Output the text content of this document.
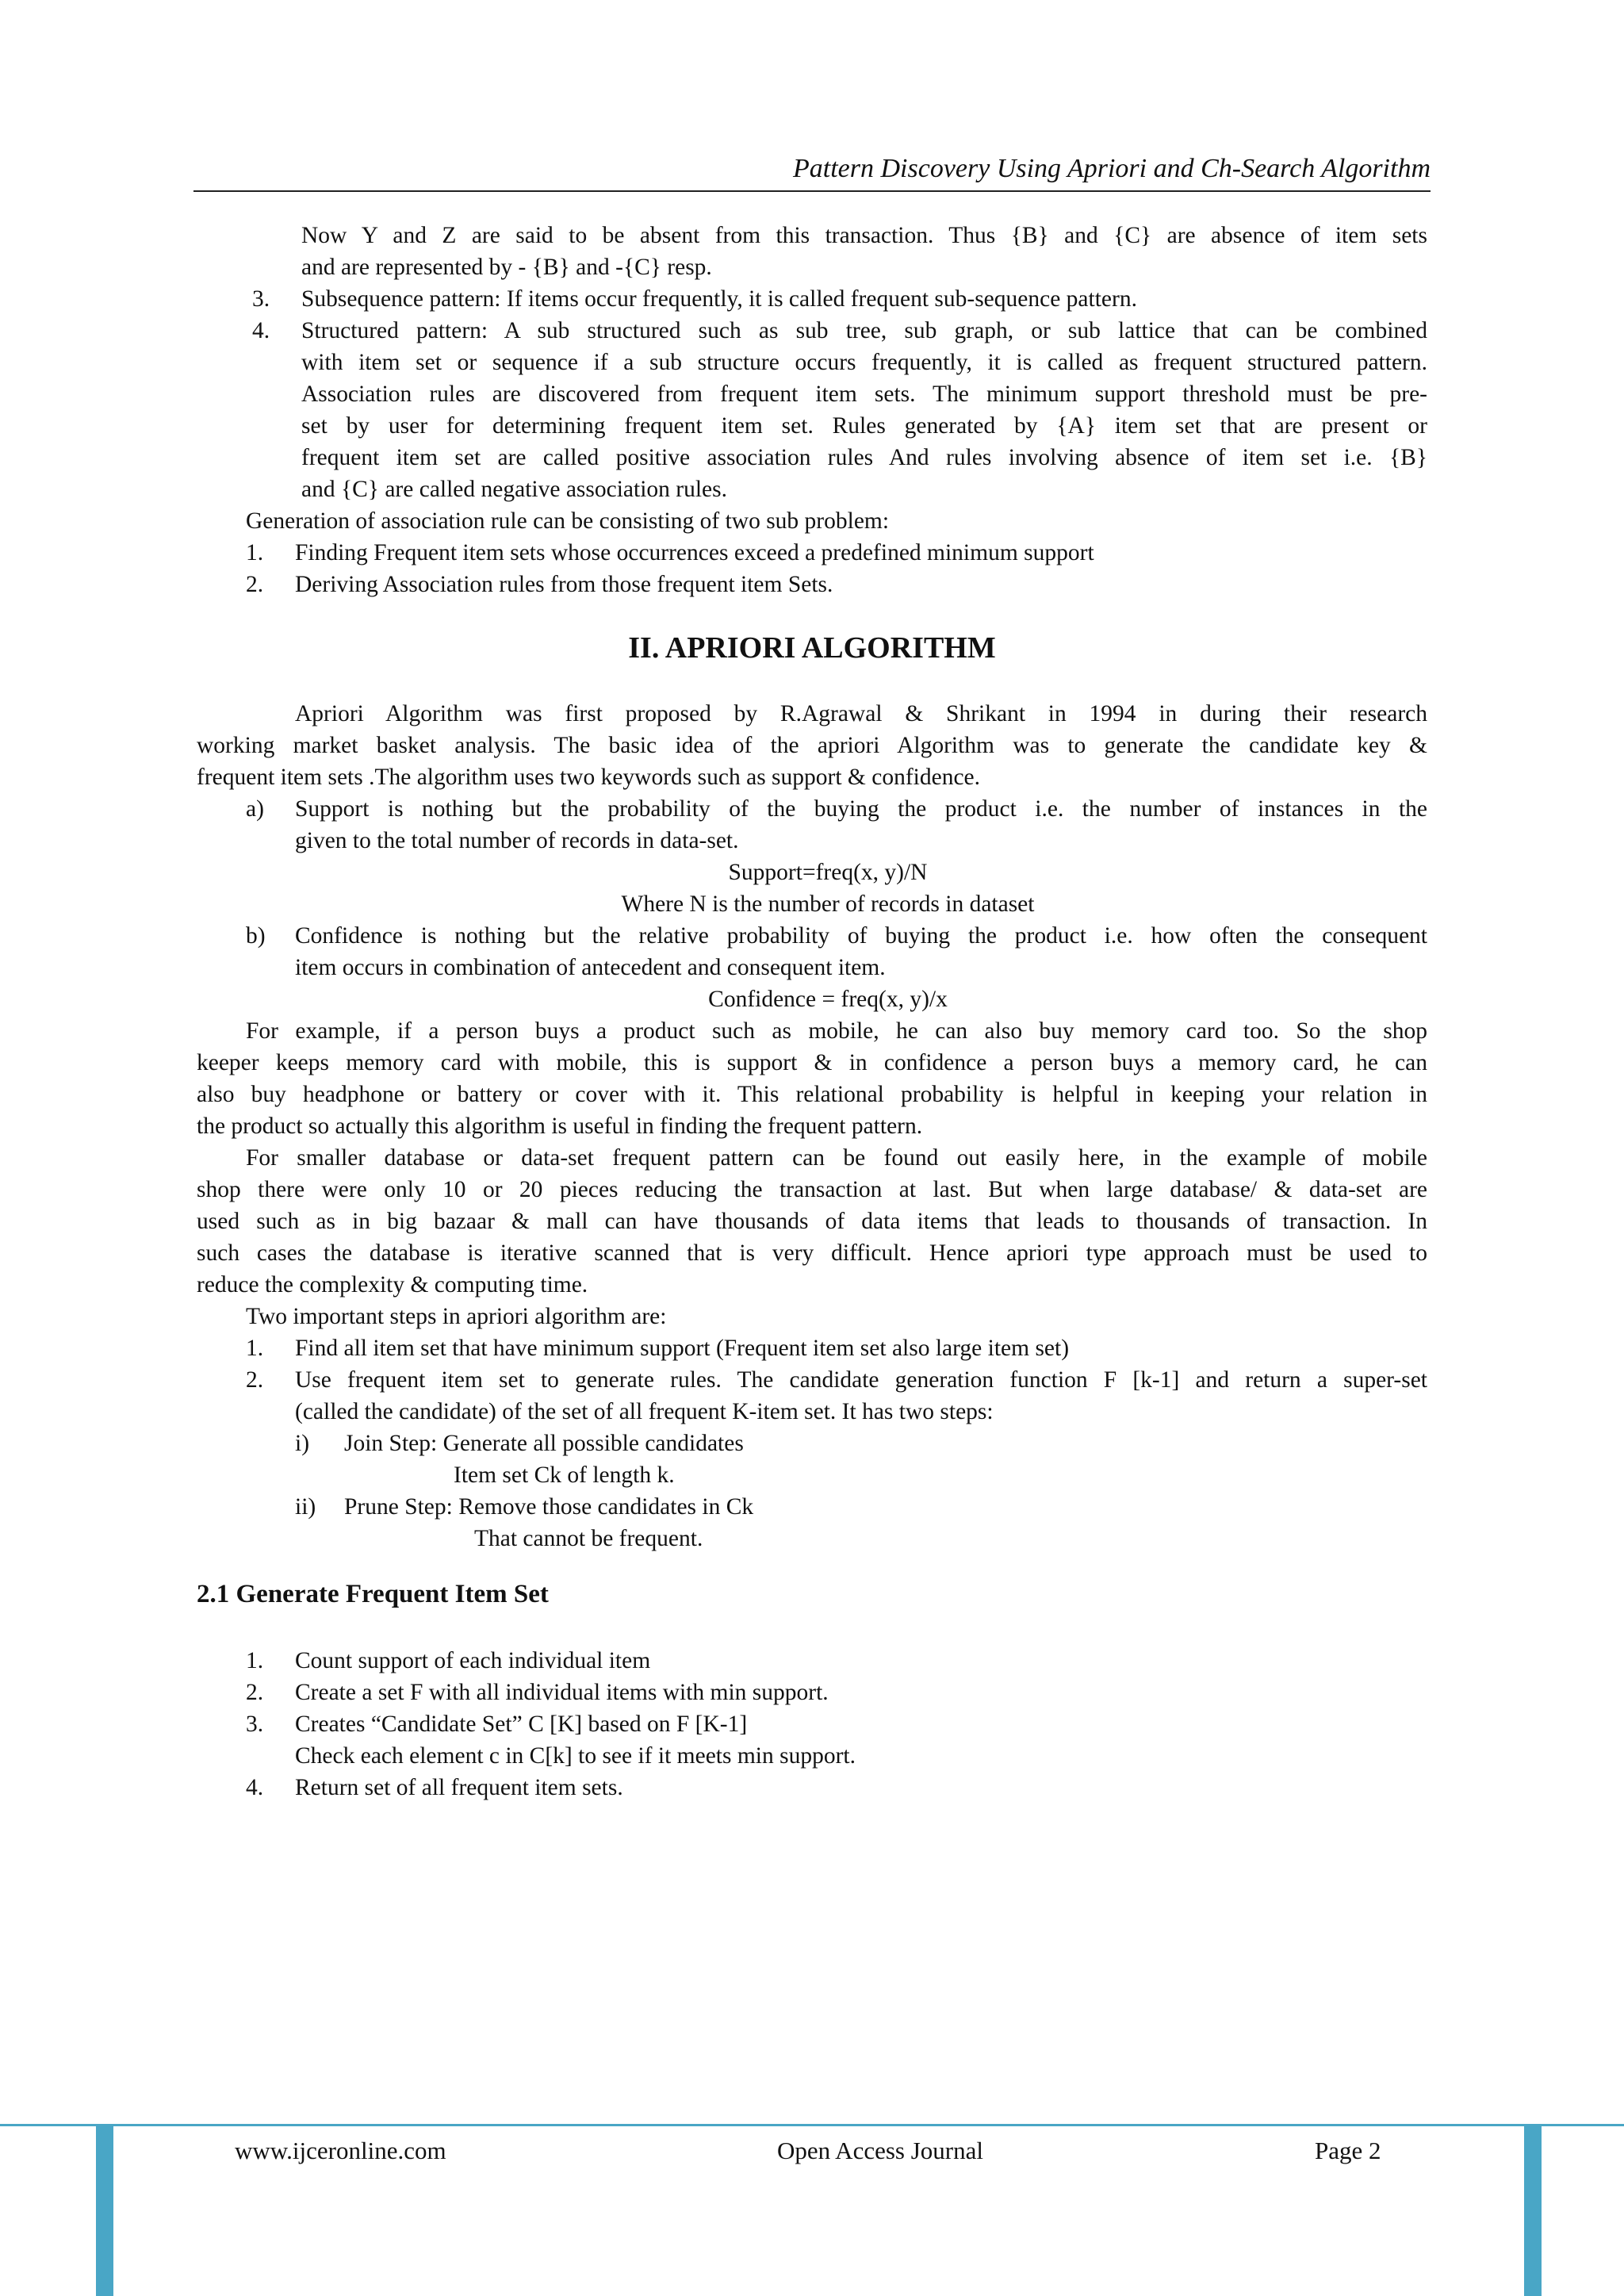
Pattern Discovery Using Apriori and Ch-Search Algorithm
Now Y and Z are said to be absent from this transaction. Thus {B} and {C} are absence of item sets
and are represented by - {B} and -{C} resp.
3.	Subsequence pattern: If items occur frequently, it is called frequent sub-sequence pattern.
4.	Structured pattern: A sub structured such as sub tree, sub graph, or sub lattice that can be combined
with item set or sequence if a sub structure occurs frequently, it is called as frequent structured pattern.
Association rules are discovered from frequent item sets. The minimum support threshold must be pre-
set by user for determining frequent item set. Rules generated by {A} item set that are present or
frequent item set are called positive association rules And rules involving absence of item set i.e. {B}
and {C} are called negative association rules.
Generation of association rule can be consisting of two sub problem:
1.	Finding Frequent item sets whose occurrences exceed a predefined minimum support
2.	Deriving Association rules from those frequent item Sets.
II. APRIORI ALGORITHM
Apriori Algorithm was first proposed by R.Agrawal & Shrikant in 1994 in during their research
working market basket analysis. The basic idea of the apriori Algorithm was to generate the candidate key &
frequent item sets .The algorithm uses two keywords such as support & confidence.
a)	Support is nothing but the probability of the buying the product i.e. the number of instances in the
given to the total number of records in data-set.
Support=freq(x, y)/N
Where N is the number of records in dataset
b)	Confidence is nothing but the relative probability of buying the product i.e. how often the consequent
item occurs in combination of antecedent and consequent item.
Confidence = freq(x, y)/x
For example, if a person buys a product such as mobile, he can also buy memory card too. So the shop
keeper keeps memory card with mobile, this is support & in confidence a person buys a memory card, he can
also buy headphone or battery or cover with it. This relational probability is helpful in keeping your relation in
the product so actually this algorithm is useful in finding the frequent pattern.
For smaller database or data-set frequent pattern can be found out easily here, in the example of mobile
shop there were only 10 or 20 pieces reducing the transaction at last. But when large database/ & data-set are
used such as in big bazaar & mall can have thousands of data items that leads to thousands of transaction. In
such cases the database is iterative scanned that is very difficult. Hence apriori type approach must be used to
reduce the complexity & computing time.
Two important steps in apriori algorithm are:
1.	Find all item set that have minimum support (Frequent item set also large item set)
2.	Use frequent item set to generate rules. The candidate generation function F [k-1] and return a super-set
(called the candidate) of the set of all frequent K-item set. It has two steps:
i)	Join Step: Generate all possible candidates
Item set Ck of length k.
ii)	Prune Step: Remove those candidates in Ck
That cannot be frequent.
2.1 Generate Frequent Item Set
1.	Count support of each individual item
2.	Create a set F with all individual items with min support.
3.	Creates “Candidate Set” C [K] based on F [K-1]
Check each element c in C[k] to see if it meets min support.
4.	Return set of all frequent item sets.
www.ijceronline.com	Open Access Journal	Page 2
